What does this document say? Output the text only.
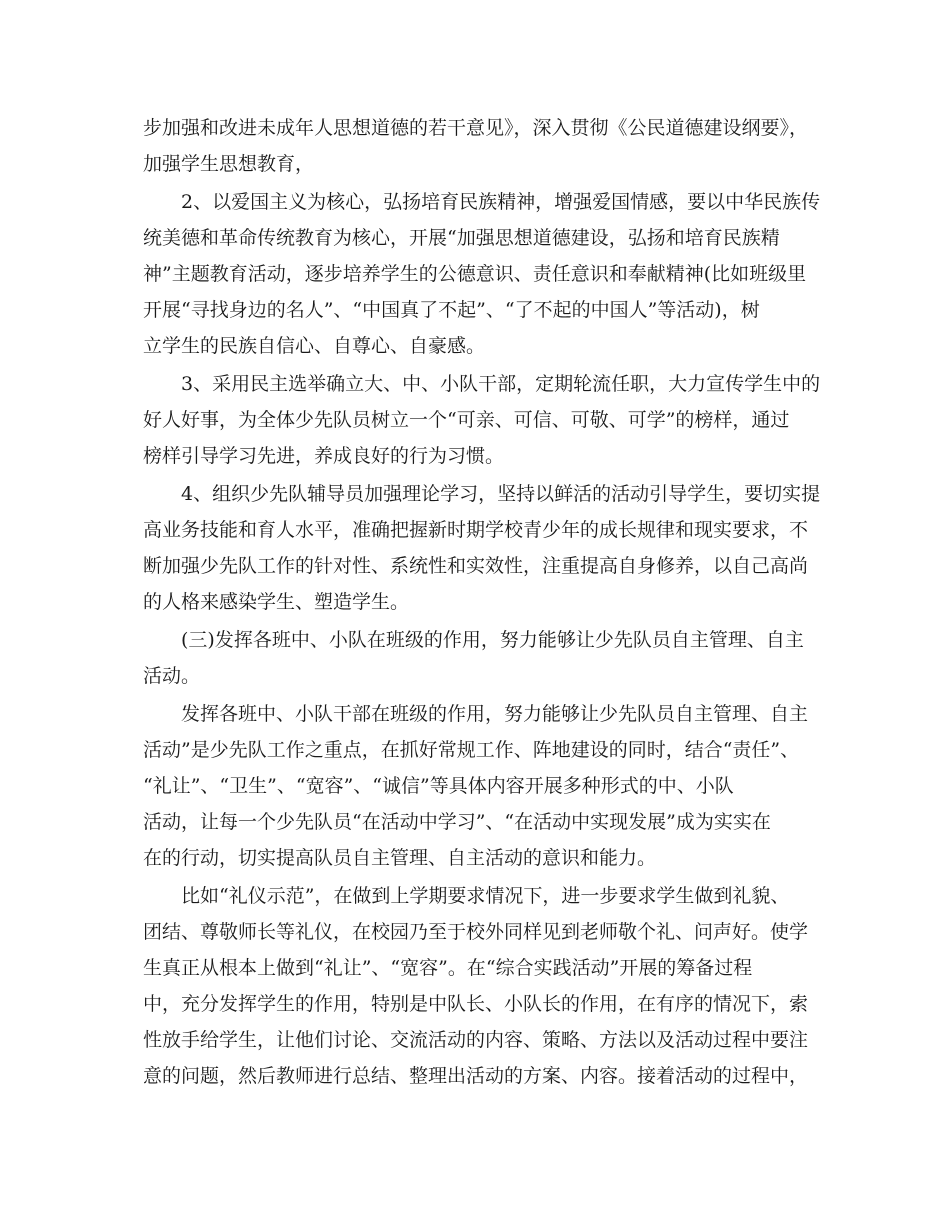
步加强和改进未成年人思想道德的若干意见》，深入贯彻《公民道德建设纲要》，
加强学生思想教育，
2、以爱国主义为核心，弘扬培育民族精神，增强爱国情感，要以中华民族传
统美德和革命传统教育为核心，开展“加强思想道德建设，弘扬和培育民族精
神”主题教育活动，逐步培养学生的公德意识、责任意识和奉献精神(比如班级里
开展“寻找身边的名人”、“中国真了不起”、“了不起的中国人”等活动)，树
立学生的民族自信心、自尊心、自豪感。
3、采用民主选举确立大、中、小队干部，定期轮流任职，大力宣传学生中的
好人好事，为全体少先队员树立一个“可亲、可信、可敬、可学”的榜样，通过
榜样引导学习先进，养成良好的行为习惯。
4、组织少先队辅导员加强理论学习，坚持以鲜活的活动引导学生，要切实提
高业务技能和育人水平，准确把握新时期学校青少年的成长规律和现实要求，不
断加强少先队工作的针对性、系统性和实效性，注重提高自身修养，以自己高尚
的人格来感染学生、塑造学生。
(三)发挥各班中、小队在班级的作用，努力能够让少先队员自主管理、自主
活动。
发挥各班中、小队干部在班级的作用，努力能够让少先队员自主管理、自主
活动”是少先队工作之重点，在抓好常规工作、阵地建设的同时，结合“责任”、
“礼让”、“卫生”、“宽容”、“诚信”等具体内容开展多种形式的中、小队
活动，让每一个少先队员“在活动中学习”、“在活动中实现发展”成为实实在
在的行动，切实提高队员自主管理、自主活动的意识和能力。
比如“礼仪示范”，在做到上学期要求情况下，进一步要求学生做到礼貌、
团结、尊敬师长等礼仪，在校园乃至于校外同样见到老师敬个礼、问声好。使学
生真正从根本上做到“礼让”、“宽容”。在“综合实践活动”开展的筹备过程
中，充分发挥学生的作用，特别是中队长、小队长的作用，在有序的情况下，索
性放手给学生，让他们讨论、交流活动的内容、策略、方法以及活动过程中要注
意的问题，然后教师进行总结、整理出活动的方案、内容。接着活动的过程中，
